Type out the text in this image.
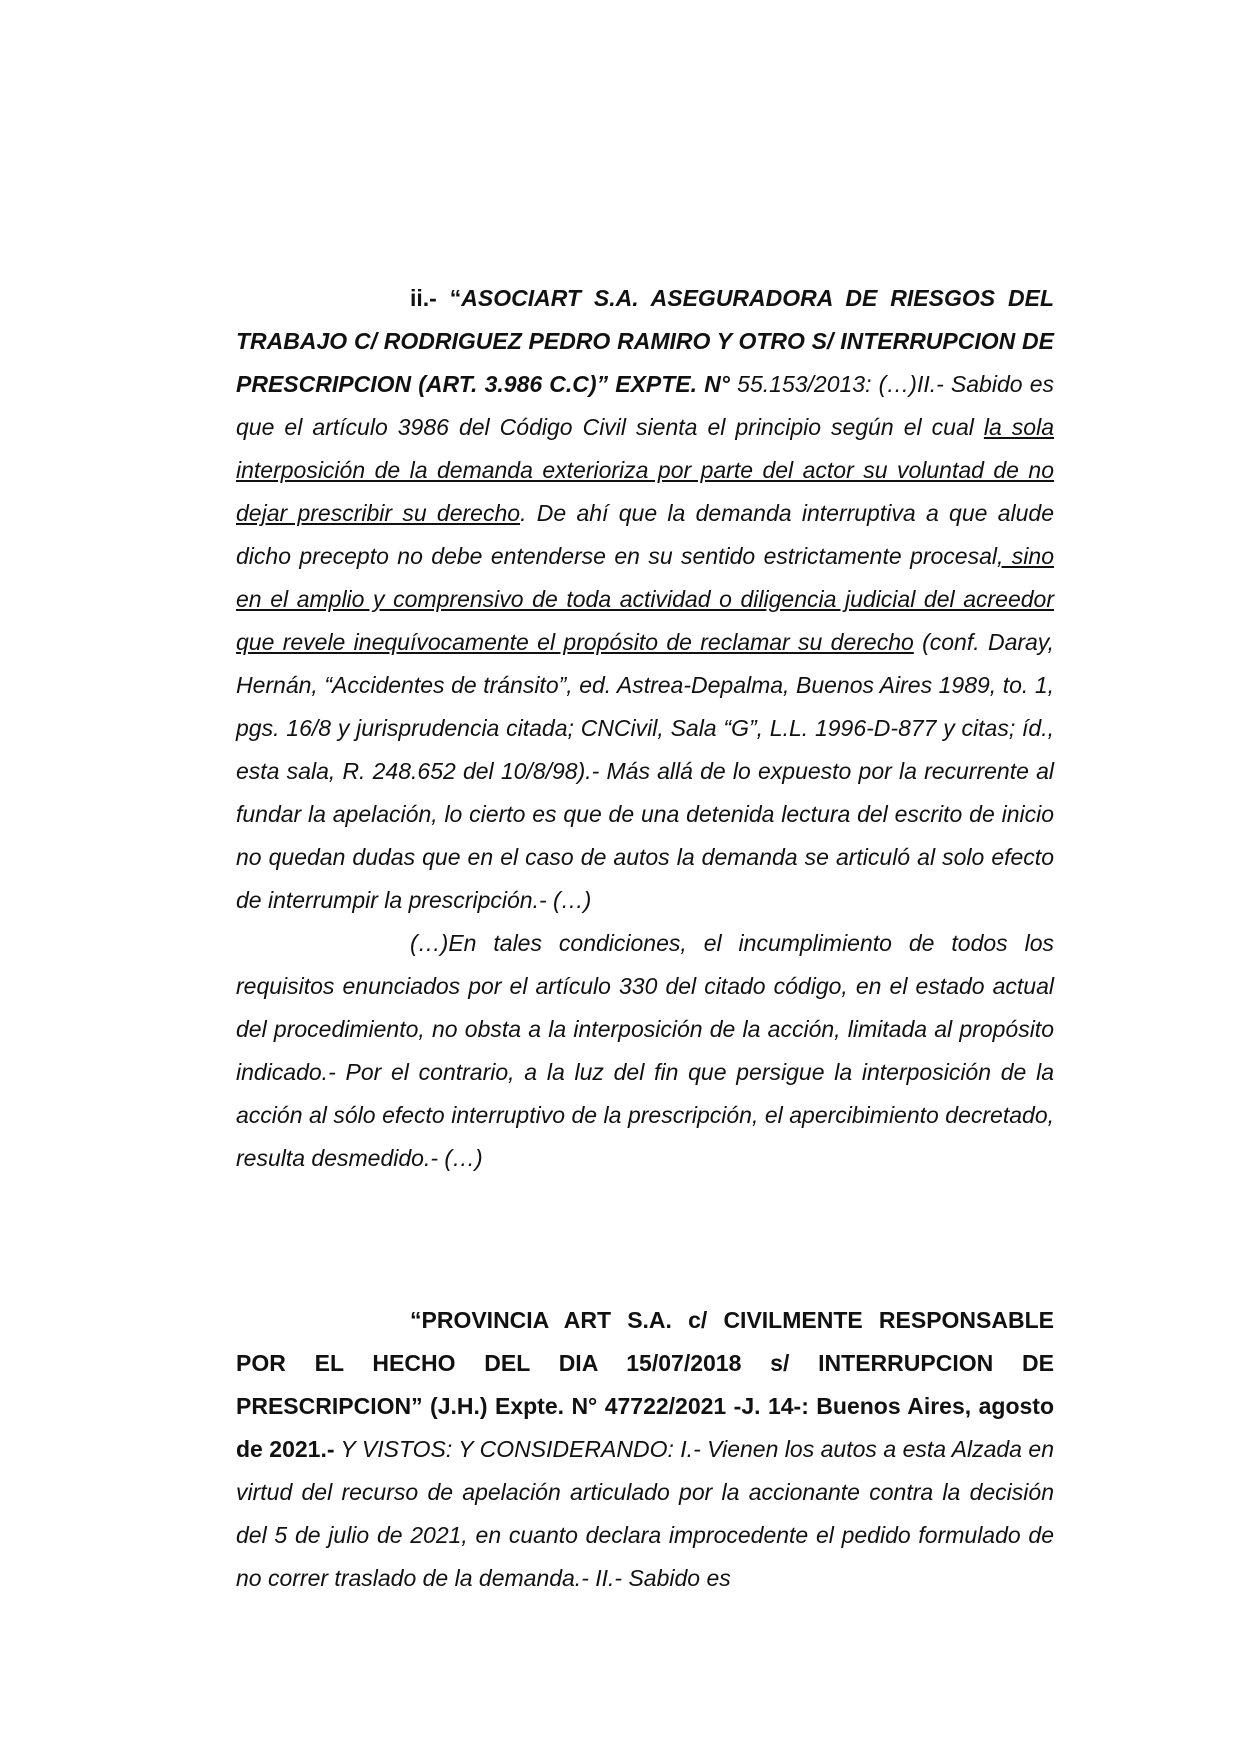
ii.- “ASOCIART S.A. ASEGURADORA DE RIESGOS DEL TRABAJO C/ RODRIGUEZ PEDRO RAMIRO Y OTRO S/ INTERRUPCION DE PRESCRIPCION (ART. 3.986 C.C)” EXPTE. N° 55.153/2013: (…)II.- Sabido es que el artículo 3986 del Código Civil sienta el principio según el cual la sola interposición de la demanda exterioriza por parte del actor su voluntad de no dejar prescribir su derecho. De ahí que la demanda interruptiva a que alude dicho precepto no debe entenderse en su sentido estrictamente procesal, sino en el amplio y comprensivo de toda actividad o diligencia judicial del acreedor que revele inequívocamente el propósito de reclamar su derecho (conf. Daray, Hernán, “Accidentes de tránsito”, ed. Astrea-Depalma, Buenos Aires 1989, to. 1, pgs. 16/8 y jurisprudencia citada; CNCivil, Sala “G”, L.L. 1996-D-877 y citas; íd., esta sala, R. 248.652 del 10/8/98).- Más allá de lo expuesto por la recurrente al fundar la apelación, lo cierto es que de una detenida lectura del escrito de inicio no quedan dudas que en el caso de autos la demanda se articuló al solo efecto de interrumpir la prescripción.- (…)

(…)En tales condiciones, el incumplimiento de todos los requisitos enunciados por el artículo 330 del citado código, en el estado actual del procedimiento, no obsta a la interposición de la acción, limitada al propósito indicado.- Por el contrario, a la luz del fin que persigue la interposición de la acción al sólo efecto interruptivo de la prescripción, el apercibimiento decretado, resulta desmedido.- (…)

“PROVINCIA ART S.A. c/ CIVILMENTE RESPONSABLE POR EL HECHO DEL DIA 15/07/2018 s/ INTERRUPCION DE PRESCRIPCION” (J.H.) Expte. N° 47722/2021 -J. 14-: Buenos Aires, agosto de 2021.- Y VISTOS: Y CONSIDERANDO: I.- Vienen los autos a esta Alzada en virtud del recurso de apelación articulado por la accionante contra la decisión del 5 de julio de 2021, en cuanto declara improcedente el pedido formulado de no correr traslado de la demanda.- II.- Sabido es
